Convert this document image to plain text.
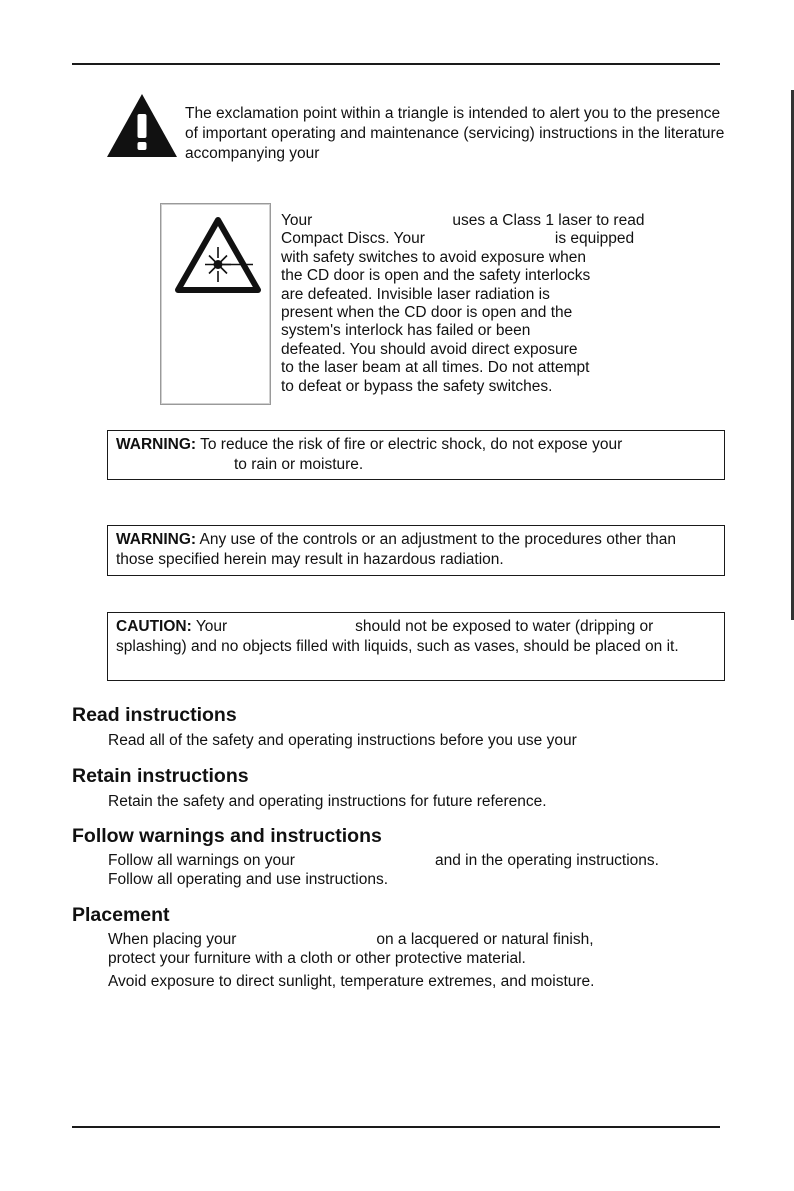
The exclamation point within a triangle is intended to alert you to the presence of important operating and maintenance (servicing) instructions in the literature accompanying your

Your	uses a Class 1 laser to read
Compact Discs. Your	is equipped
with safety switches to avoid exposure when
the CD door is open and the safety interlocks
are defeated. Invisible laser radiation is
present when the CD door is open and the
system's interlock has failed or been
defeated. You should avoid direct exposure
to the laser beam at all times. Do not attempt
to defeat or bypass the safety switches.

WARNING: To reduce the risk of fire or electric shock, do not expose your
to rain or moisture.
WARNING: Any use of the controls or an adjustment to the procedures other than those specified herein may result in hazardous radiation.
CAUTION: Your	should not be exposed to water (dripping or splashing) and no objects filled with liquids, such as vases, should be placed on it.
Read instructions

Read all of the safety and operating instructions before you use your

Retain instructions

Retain the safety and operating instructions for future reference.

Follow warnings and instructions

Follow all warnings on your	and in the operating instructions.
Follow all operating and use instructions.

Placement

When placing your	on a lacquered or natural finish,
protect your furniture with a cloth or other protective material.

Avoid exposure to direct sunlight, temperature extremes, and moisture.
